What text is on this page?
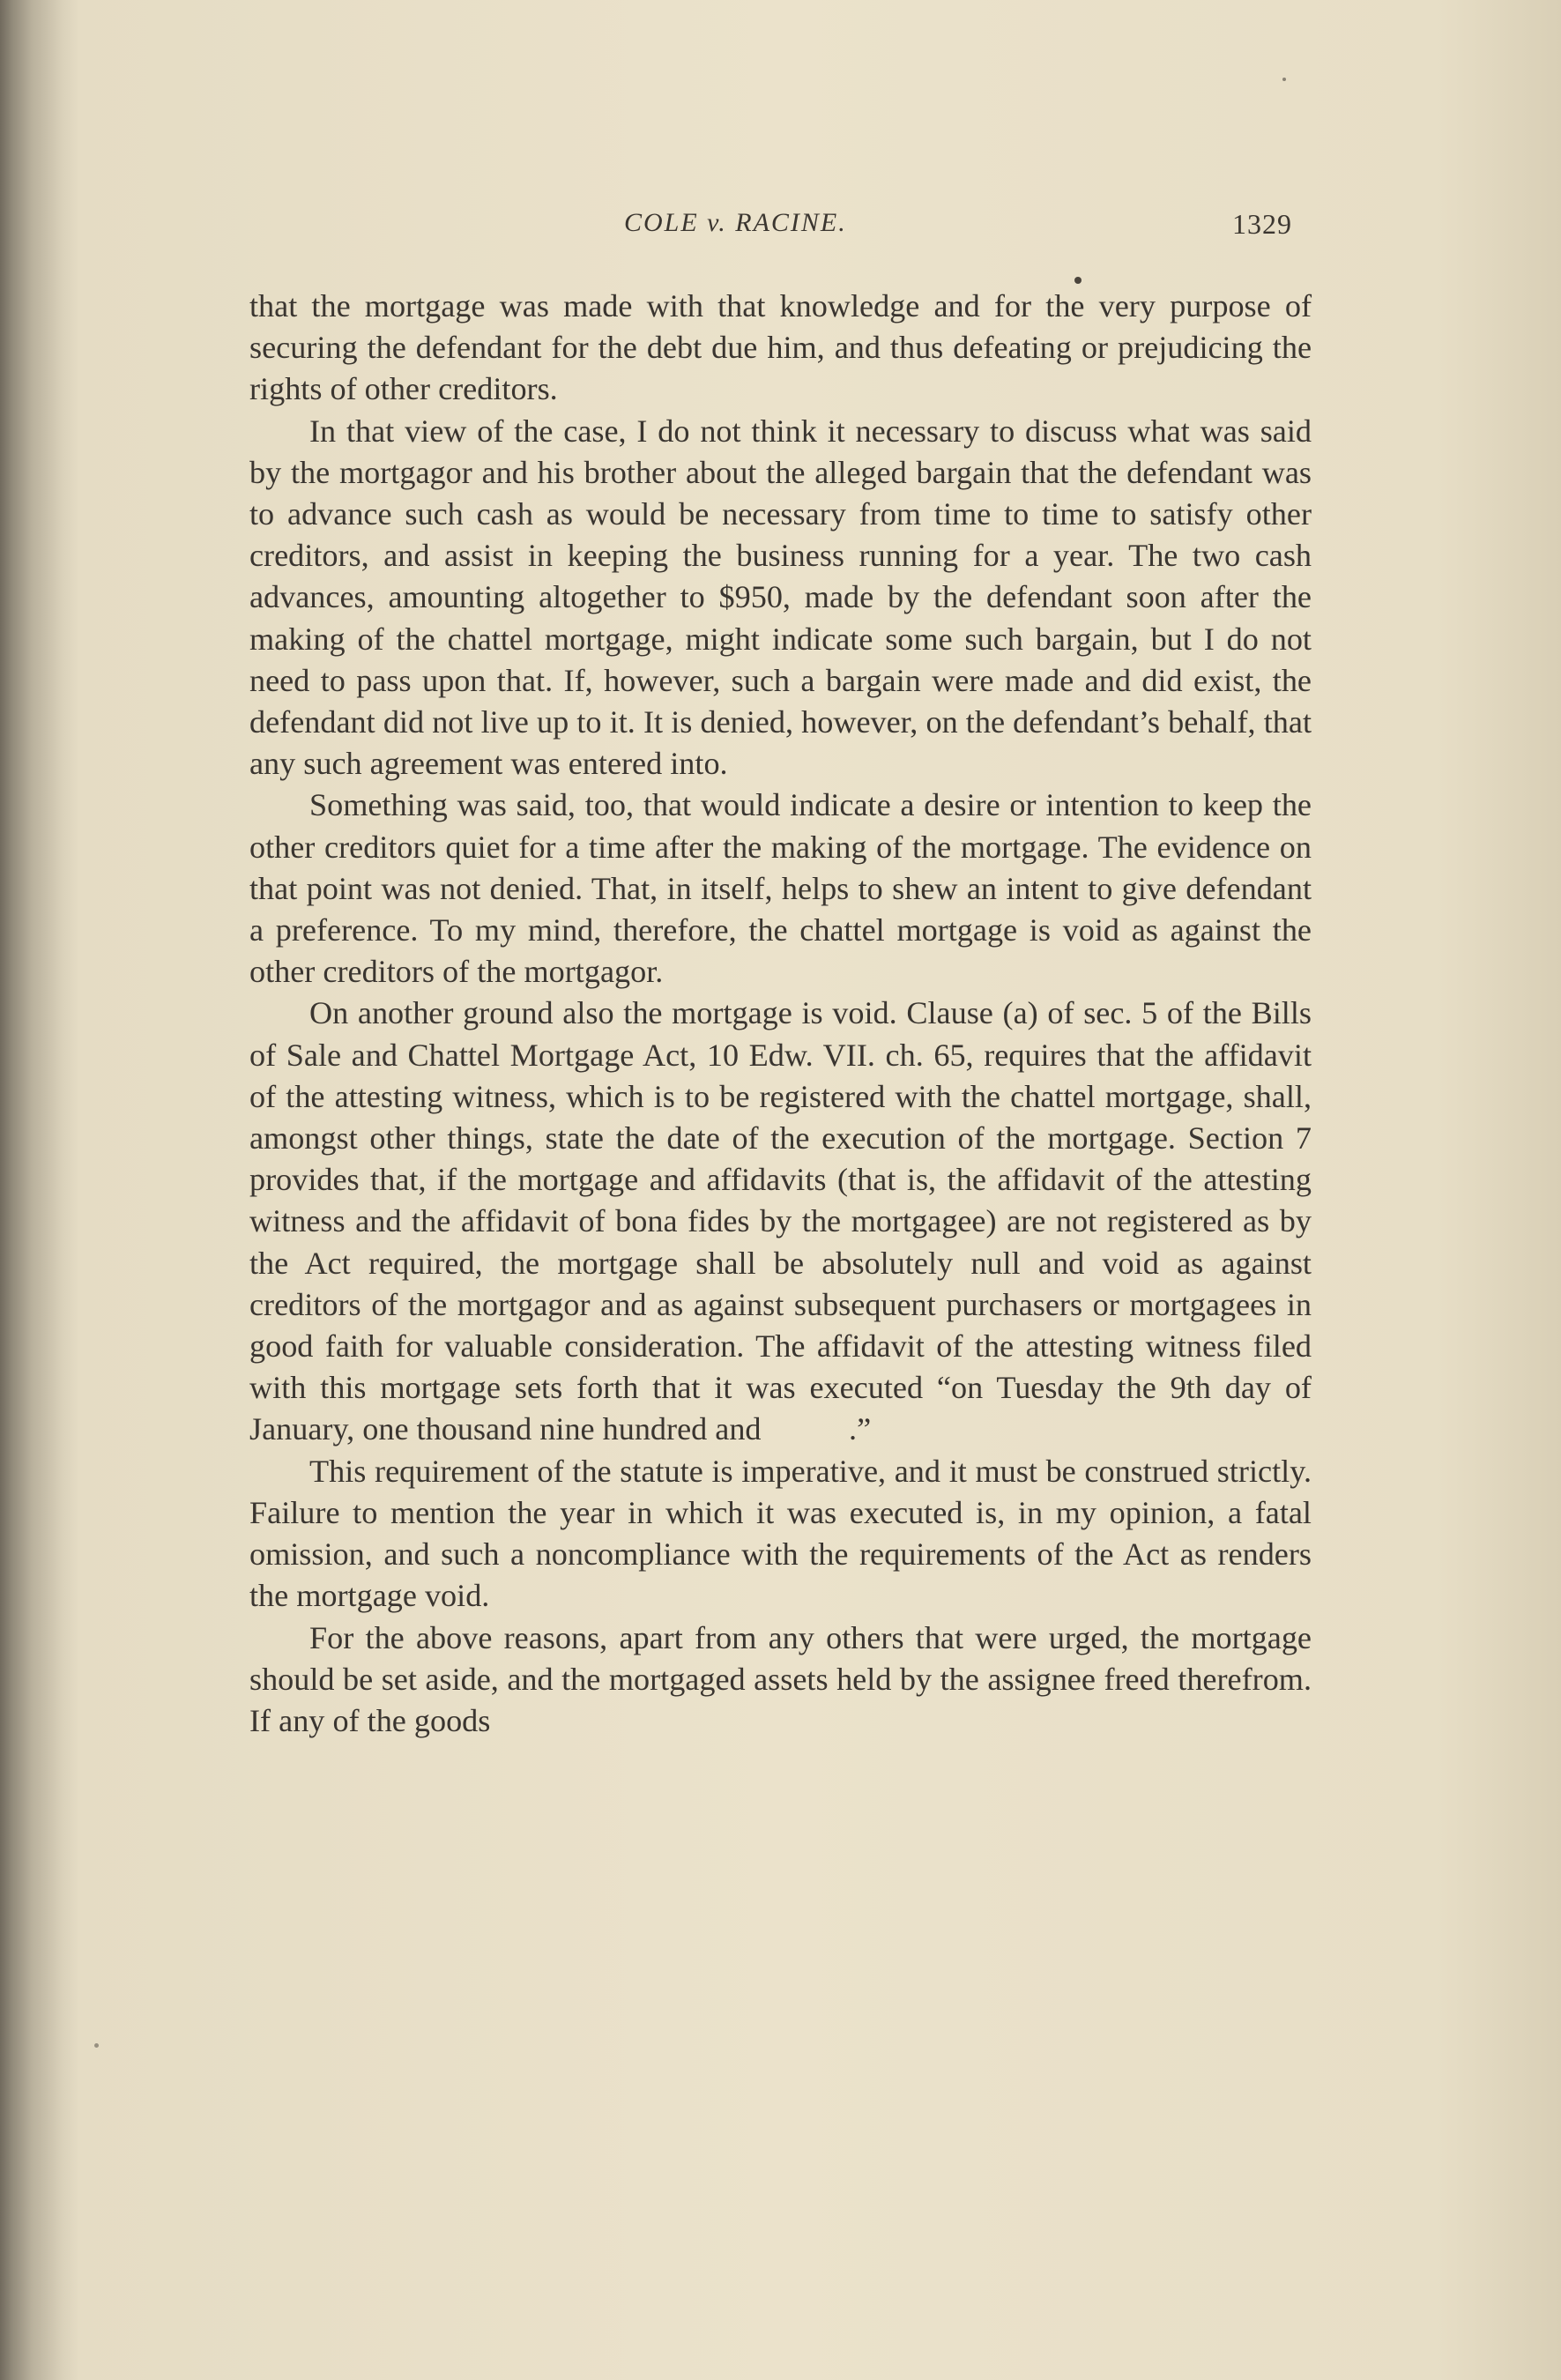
COLE v. RACINE.	1329

that the mortgage was made with that knowledge and for the very purpose of securing the defendant for the debt due him, and thus defeating or prejudicing the rights of other creditors.

In that view of the case, I do not think it necessary to discuss what was said by the mortgagor and his brother about the alleged bargain that the defendant was to advance such cash as would be necessary from time to time to satisfy other creditors, and assist in keeping the business running for a year. The two cash advances, amounting altogether to $950, made by the defendant soon after the making of the chattel mortgage, might indicate some such bargain, but I do not need to pass upon that. If, however, such a bargain were made and did exist, the defendant did not live up to it. It is denied, however, on the defendant’s behalf, that any such agreement was entered into.

Something was said, too, that would indicate a desire or intention to keep the other creditors quiet for a time after the making of the mortgage. The evidence on that point was not denied. That, in itself, helps to shew an intent to give defendant a preference. To my mind, therefore, the chattel mortgage is void as against the other creditors of the mortgagor.

On another ground also the mortgage is void. Clause (a) of sec. 5 of the Bills of Sale and Chattel Mortgage Act, 10 Edw. VII. ch. 65, requires that the affidavit of the attesting witness, which is to be registered with the chattel mortgage, shall, amongst other things, state the date of the execution of the mortgage. Section 7 provides that, if the mortgage and affidavits (that is, the affidavit of the attesting witness and the affidavit of bona fides by the mortgagee) are not registered as by the Act required, the mortgage shall be absolutely null and void as against creditors of the mortgagor and as against subsequent purchasers or mortgagees in good faith for valuable consideration. The affidavit of the attesting witness filed with this mortgage sets forth that it was executed “on Tuesday the 9th day of January, one thousand nine hundred and           .”

This requirement of the statute is imperative, and it must be construed strictly. Failure to mention the year in which it was executed is, in my opinion, a fatal omission, and such a noncompliance with the requirements of the Act as renders the mortgage void.

For the above reasons, apart from any others that were urged, the mortgage should be set aside, and the mortgaged assets held by the assignee freed therefrom. If any of the goods
